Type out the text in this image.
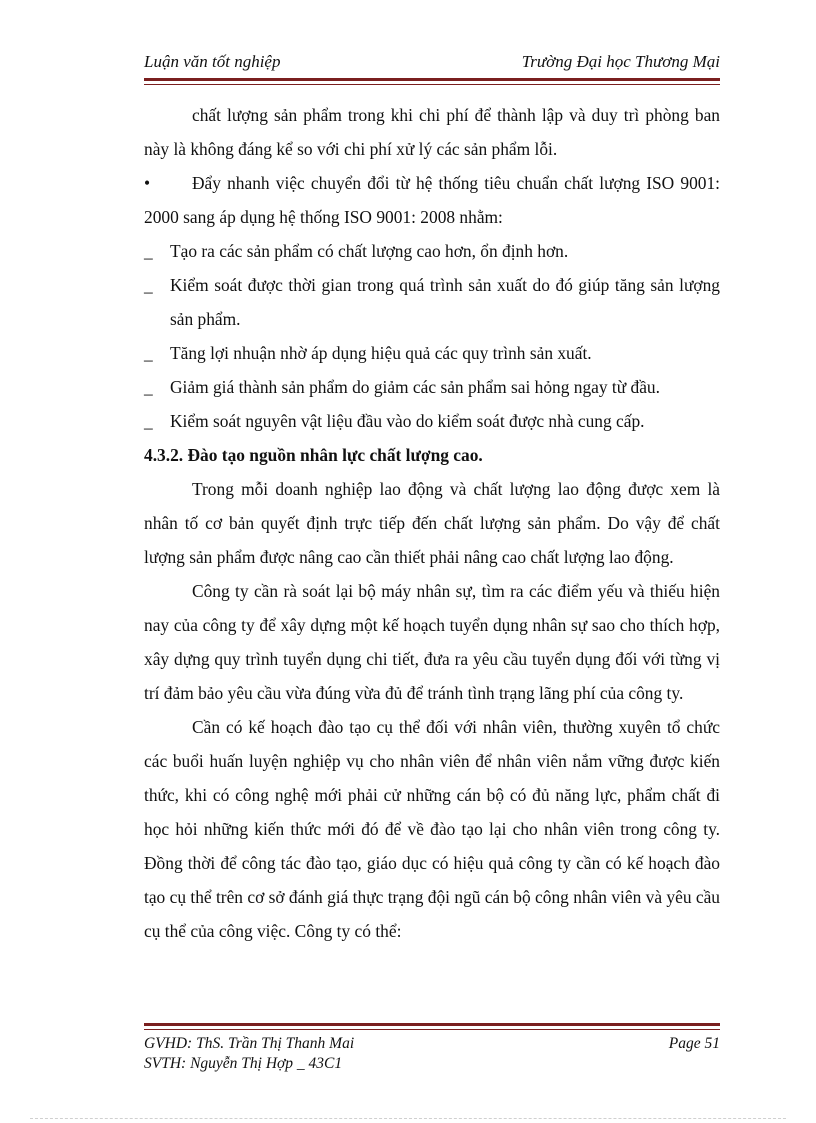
Luận văn tốt nghiệp	Trường Đại học Thương Mại

chất lượng sản phẩm trong khi chi phí để thành lập và duy trì phòng ban này là không đáng kể so với chi phí xử lý các sản phẩm lỗi.

• Đẩy nhanh việc chuyển đổi từ hệ thống tiêu chuẩn chất lượng ISO 9001: 2000 sang áp dụng hệ thống ISO 9001: 2008 nhằm:

_ Tạo ra các sản phẩm có chất lượng cao hơn, ổn định hơn.

_ Kiểm soát được thời gian trong quá trình sản xuất do đó giúp tăng sản lượng sản phẩm.

_ Tăng lợi nhuận nhờ áp dụng hiệu quả các quy trình sản xuất.

_ Giảm giá thành sản phẩm do giảm các sản phẩm sai hỏng ngay từ đầu.

_ Kiểm soát nguyên vật liệu đầu vào do kiểm soát được nhà cung cấp.

4.3.2. Đào tạo nguồn nhân lực chất lượng cao.

Trong mỗi doanh nghiệp lao động và chất lượng lao động được xem là nhân tố cơ bản quyết định trực tiếp đến chất lượng sản phẩm. Do vậy để chất lượng sản phẩm được nâng cao cần thiết phải nâng cao chất lượng lao động.

Công ty cần rà soát lại bộ máy nhân sự, tìm ra các điểm yếu và thiếu hiện nay của công ty để xây dựng một kế hoạch tuyển dụng nhân sự sao cho thích hợp, xây dựng quy trình tuyển dụng chi tiết, đưa ra yêu cầu tuyển dụng đối với từng vị trí đảm bảo yêu cầu vừa đúng vừa đủ để tránh tình trạng lãng phí của công ty.

Cần có kế hoạch đào tạo cụ thể đối với nhân viên, thường xuyên tổ chức các buổi huấn luyện nghiệp vụ cho nhân viên để nhân viên nắm vững được kiến thức, khi có công nghệ mới phải cử những cán bộ có đủ năng lực, phẩm chất đi học hỏi những kiến thức mới đó để về đào tạo lại cho nhân viên trong công ty. Đồng thời để công tác đào tạo, giáo dục có hiệu quả công ty cần có kế hoạch đào tạo cụ thể trên cơ sở đánh giá thực trạng đội ngũ cán bộ công nhân viên và yêu cầu cụ thể của công việc. Công ty có thể:

GVHD: ThS. Trần Thị Thanh Mai
SVTH: Nguyễn Thị Hợp _ 43C1
Page 51
